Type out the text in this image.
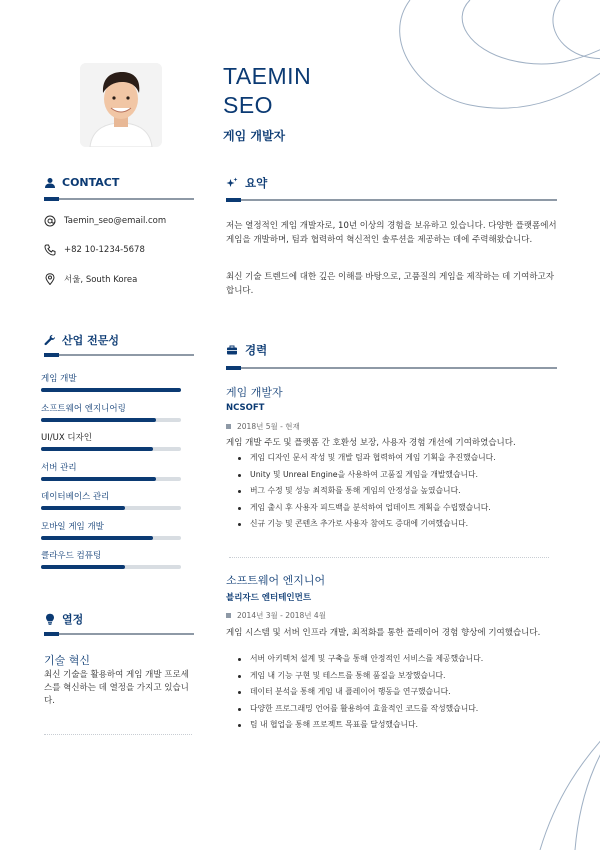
TAEMIN
SEO
게임 개발자
CONTACT
Taemin_seo@email.com
+82 10-1234-5678
서울, South Korea
산업 전문성
게임 개발
소프트웨어 엔지니어링
UI/UX 디자인
서버 관리
데이터베이스 관리
모바일 게임 개발
클라우드 컴퓨팅
열정
기술 혁신
최신 기술을 활용하여 게임 개발 프로세스를 혁신하는 데 열정을 가지고 있습니다.
요약
저는 열정적인 게임 개발자로, 10년 이상의 경험을 보유하고 있습니다. 다양한 플랫폼에서 게임을 개발하며, 팀과 협력하여 혁신적인 솔루션을 제공하는 데에 주력해왔습니다.
최신 기술 트렌드에 대한 깊은 이해를 바탕으로, 고품질의 게임을 제작하는 데 기여하고자 합니다.
경력
게임 개발자
NCSOFT
2018년 5월 - 현재
게임 개발 주도 및 플랫폼 간 호환성 보장, 사용자 경험 개선에 기여하였습니다.
게임 디자인 문서 작성 및 개발 팀과 협력하여 게임 기획을 추진했습니다.
Unity 및 Unreal Engine을 사용하여 고품질 게임을 개발했습니다.
버그 수정 및 성능 최적화를 통해 게임의 안정성을 높였습니다.
게임 출시 후 사용자 피드백을 분석하여 업데이트 계획을 수립했습니다.
신규 기능 및 콘텐츠 추가로 사용자 참여도 증대에 기여했습니다.
소프트웨어 엔지니어
블리자드 엔터테인먼트
2014년 3월 - 2018년 4월
게임 시스템 및 서버 인프라 개발, 최적화를 통한 플레이어 경험 향상에 기여했습니다.
서버 아키텍처 설계 및 구축을 통해 안정적인 서비스를 제공했습니다.
게임 내 기능 구현 및 테스트를 통해 품질을 보장했습니다.
데이터 분석을 통해 게임 내 플레이어 행동을 연구했습니다.
다양한 프로그래밍 언어를 활용하여 효율적인 코드를 작성했습니다.
팀 내 협업을 통해 프로젝트 목표를 달성했습니다.
